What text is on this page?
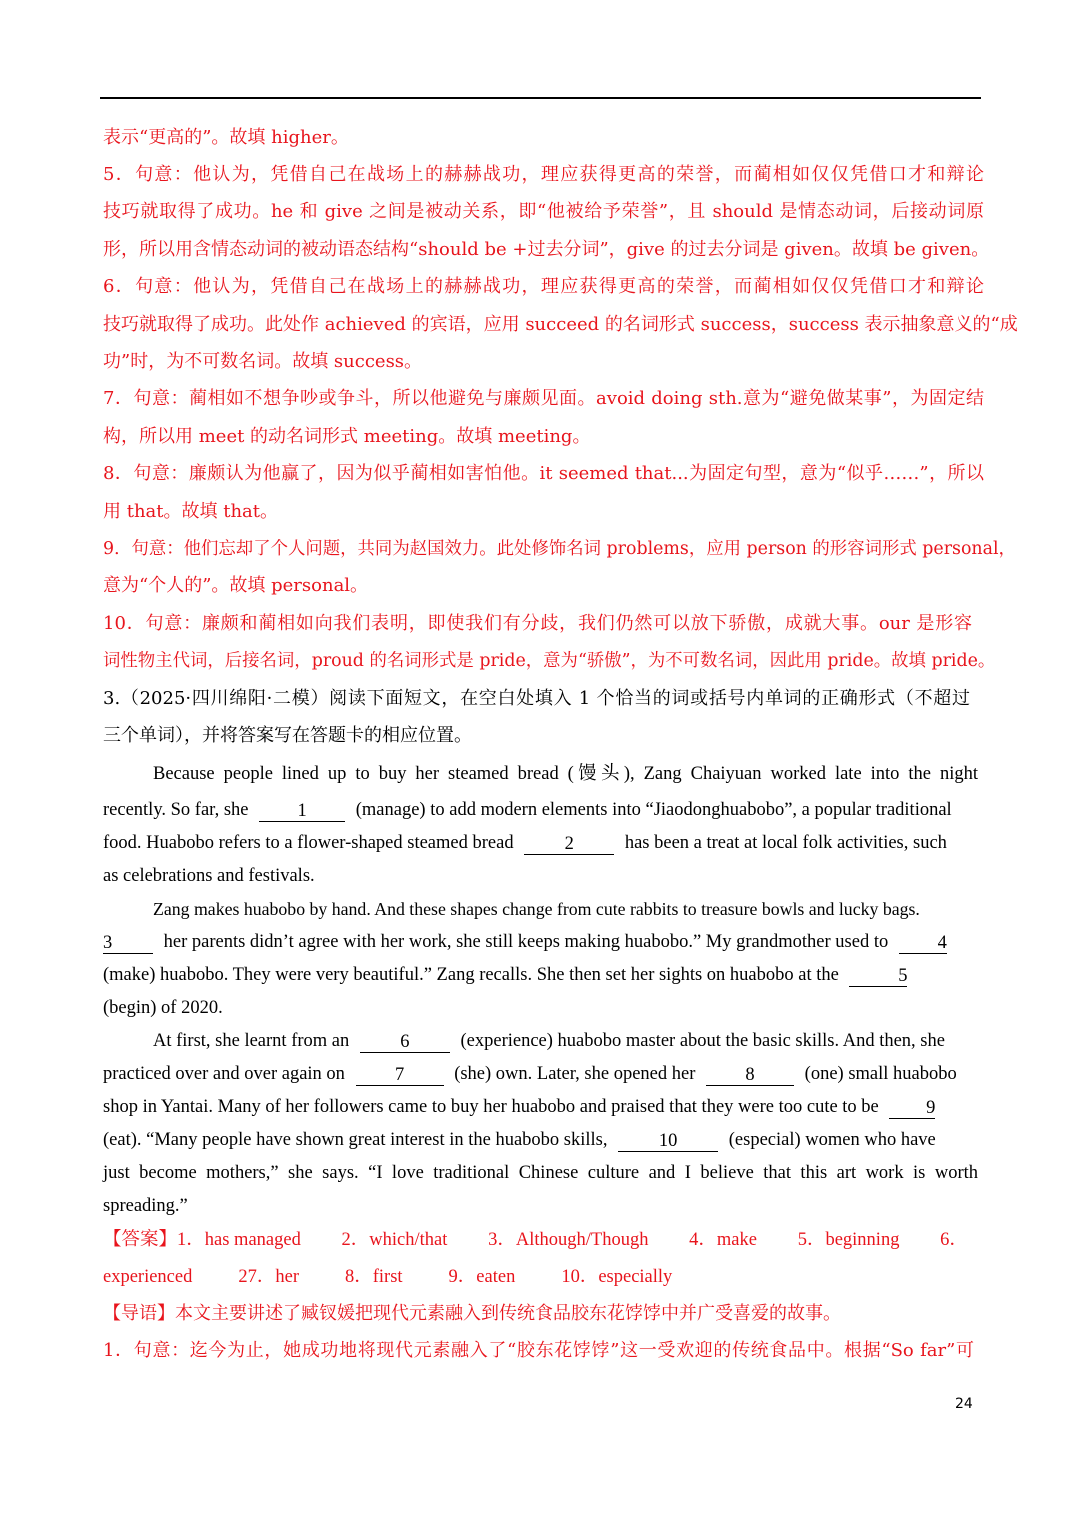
表示“更高的”。故填 higher。
5．句意：他认为，凭借自己在战场上的赫赫战功，理应获得更高的荣誉，而蔺相如仅仅凭借口才和辩论
技巧就取得了成功。he 和 give 之间是被动关系，即“他被给予荣誉”，且 should 是情态动词，后接动词原
形，所以用含情态动词的被动语态结构“should be +过去分词”，give 的过去分词是 given。故填 be given。
6．句意：他认为，凭借自己在战场上的赫赫战功，理应获得更高的荣誉，而蔺相如仅仅凭借口才和辩论
技巧就取得了成功。此处作 achieved 的宾语，应用 succeed 的名词形式 success，success 表示抽象意义的“成
功”时，为不可数名词。故填 success。
7．句意：蔺相如不想争吵或争斗，所以他避免与廉颇见面。avoid doing sth.意为“避免做某事”，为固定结
构，所以用 meet 的动名词形式 meeting。故填 meeting。
8．句意：廉颇认为他赢了，因为似乎蔺相如害怕他。it seemed that...为固定句型，意为“似乎……”，所以
用 that。故填 that。
9．句意：他们忘却了个人问题，共同为赵国效力。此处修饰名词 problems，应用 person 的形容词形式 personal，
意为“个人的”。故填 personal。
10．句意：廉颇和蔺相如向我们表明，即使我们有分歧，我们仍然可以放下骄傲，成就大事。our 是形容
词性物主代词，后接名词，proud 的名词形式是 pride，意为“骄傲”，为不可数名词，因此用 pride。故填 pride。
3.（2025·四川绵阳·二模）阅读下面短文，在空白处填入 1 个恰当的词或括号内单词的正确形式（不超过
三个单词），并将答案写在答题卡的相应位置。
Because people lined up to buy her steamed bread (馒头), Zang Chaiyuan worked late into the night
recently. So far, she	1	(manage) to add modern elements into “Jiaodonghuabobo”, a popular traditional
food. Huabobo refers to a flower-shaped steamed bread	2	has been a treat at local folk activities, such
as celebrations and festivals.
Zang makes huabobo by hand. And these shapes change from cute rabbits to treasure bowls and lucky bags.
3	her parents didn’t agree with her work, she still keeps making huabobo.” My grandmother used to	4
(make) huabobo. They were very beautiful.” Zang recalls. She then set her sights on huabobo at the	5
(begin) of 2020.
At first, she learnt from an	6	(experience) huabobo master about the basic skills. And then, she
practiced over and over again on	7	(she) own. Later, she opened her	8	(one) small huabobo
shop in Yantai. Many of her followers came to buy her huabobo and praised that they were too cute to be	9
(eat). “Many people have shown great interest in the huabobo skills,	10	(especial) women who have
just become mothers,” she says. “I love traditional Chinese culture and I believe that this art work is worth
spreading.”
【答案】1．has managed 2．which/that 3．Although/Though 4．make 5．beginning 6．
experienced 27．her 8．first 9．eaten 10．especially
【导语】本文主要讲述了臧钗媛把现代元素融入到传统食品胶东花饽饽中并广受喜爱的故事。
1．句意：迄今为止，她成功地将现代元素融入了“胶东花饽饽”这一受欢迎的传统食品中。根据“So far”可
24
